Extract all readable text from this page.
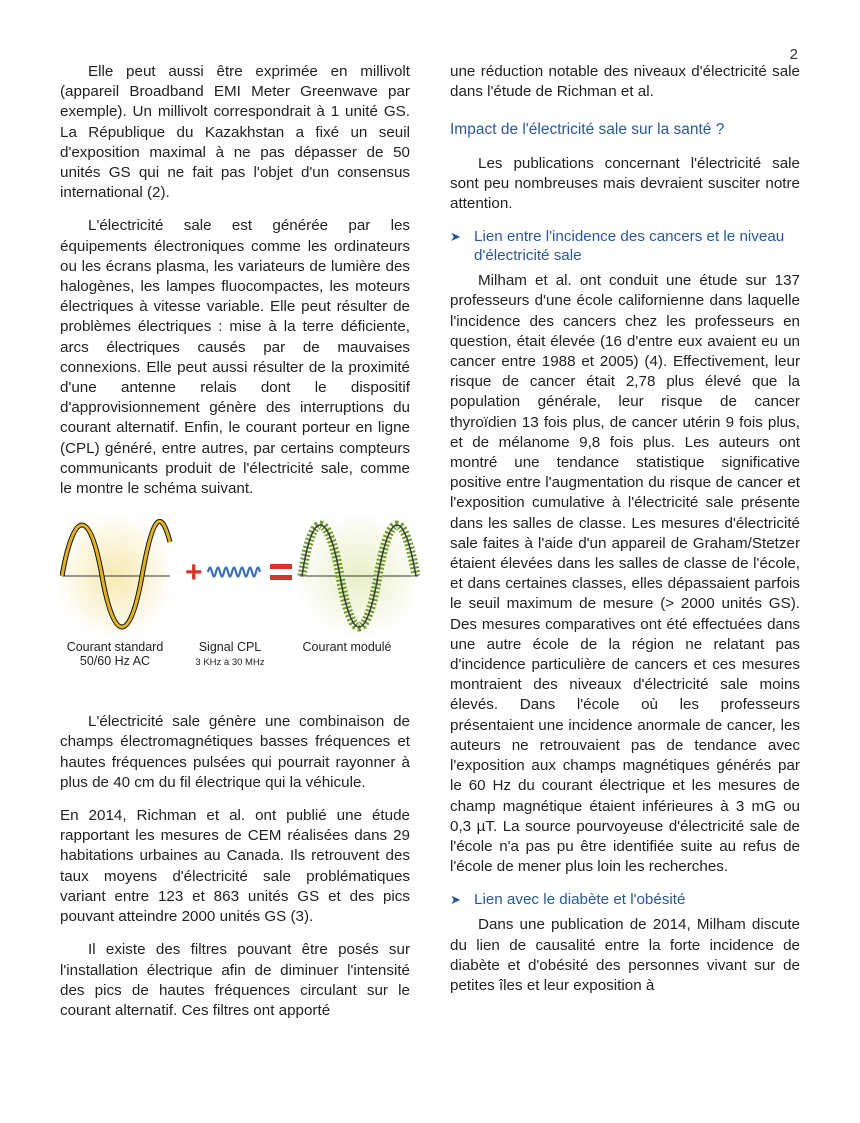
2

Elle peut aussi être exprimée en millivolt (appareil Broadband EMI Meter Greenwave par exemple). Un millivolt correspondrait à 1 unité GS. La République du Kazakhstan a fixé un seuil d'exposition maximal à ne pas dépasser de 50 unités GS qui ne fait pas l'objet d'un consensus international (2).

L'électricité sale est générée par les équipements électroniques comme les ordinateurs ou les écrans plasma, les variateurs de lumière des halogènes, les lampes fluocompactes, les moteurs électriques à vitesse variable. Elle peut résulter de problèmes électriques : mise à la terre déficiente, arcs électriques causés par de mauvaises connexions. Elle peut aussi résulter de la proximité d'une antenne relais dont le dispositif d'approvisionnement génère des interruptions du courant alternatif. Enfin, le courant porteur en ligne (CPL) généré, entre autres, par certains compteurs communicants produit de l'électricité sale, comme le montre le schéma suivant.

+
Courant standard
50/60 Hz AC
Signal CPL
3 KHz à 30 MHz
Courant modulé

L'électricité sale génère une combinaison de champs électromagnétiques basses fréquences et hautes fréquences pulsées qui pourrait rayonner à plus de 40 cm du fil électrique qui la véhicule.

En 2014, Richman et al. ont publié une étude rapportant les mesures de CEM réalisées dans 29 habitations urbaines au Canada. Ils retrouvent des taux moyens d'électricité sale problématiques variant entre 123 et 863 unités GS et des pics pouvant atteindre 2000 unités GS (3).

Il existe des filtres pouvant être posés sur l'installation électrique afin de diminuer l'intensité des pics de hautes fréquences circulant sur le courant alternatif. Ces filtres ont apporté

une réduction notable des niveaux d'électricité sale dans l'étude de Richman et al.

Impact de l'électricité sale sur la santé ?

Les publications concernant l'électricité sale sont peu nombreuses mais devraient susciter notre attention.

➤ Lien entre l'incidence des cancers et le niveau d'électricité sale

Milham et al. ont conduit une étude sur 137 professeurs d'une école californienne dans laquelle l'incidence des cancers chez les professeurs en question, était élevée (16 d'entre eux avaient eu un cancer entre 1988 et 2005) (4). Effectivement, leur risque de cancer était 2,78 plus élevé que la population générale, leur risque de cancer thyroïdien 13 fois plus, de cancer utérin 9 fois plus, et de mélanome 9,8 fois plus. Les auteurs ont montré une tendance statistique significative positive entre l'augmentation du risque de cancer et l'exposition cumulative à l'électricité sale présente dans les salles de classe. Les mesures d'électricité sale faites à l'aide d'un appareil de Graham/Stetzer étaient élevées dans les salles de classe de l'école, et dans certaines classes, elles dépassaient parfois le seuil maximum de mesure (> 2000 unités GS). Des mesures comparatives ont été effectuées dans une autre école de la région ne relatant pas d'incidence particulière de cancers et ces mesures montraient des niveaux d'électricité sale moins élevés. Dans l'école où les professeurs présentaient une incidence anormale de cancer, les auteurs ne retrouvaient pas de tendance avec l'exposition aux champs magnétiques générés par le 60 Hz du courant électrique et les mesures de champ magnétique étaient inférieures à 3 mG ou 0,3 µT. La source pourvoyeuse d'électricité sale de l'école n'a pas pu être identifiée suite au refus de l'école de mener plus loin les recherches.

➤ Lien avec le diabète et l'obésité

Dans une publication de 2014, Milham discute du lien de causalité entre la forte incidence de diabète et d'obésité des personnes vivant sur de petites îles et leur exposition à
